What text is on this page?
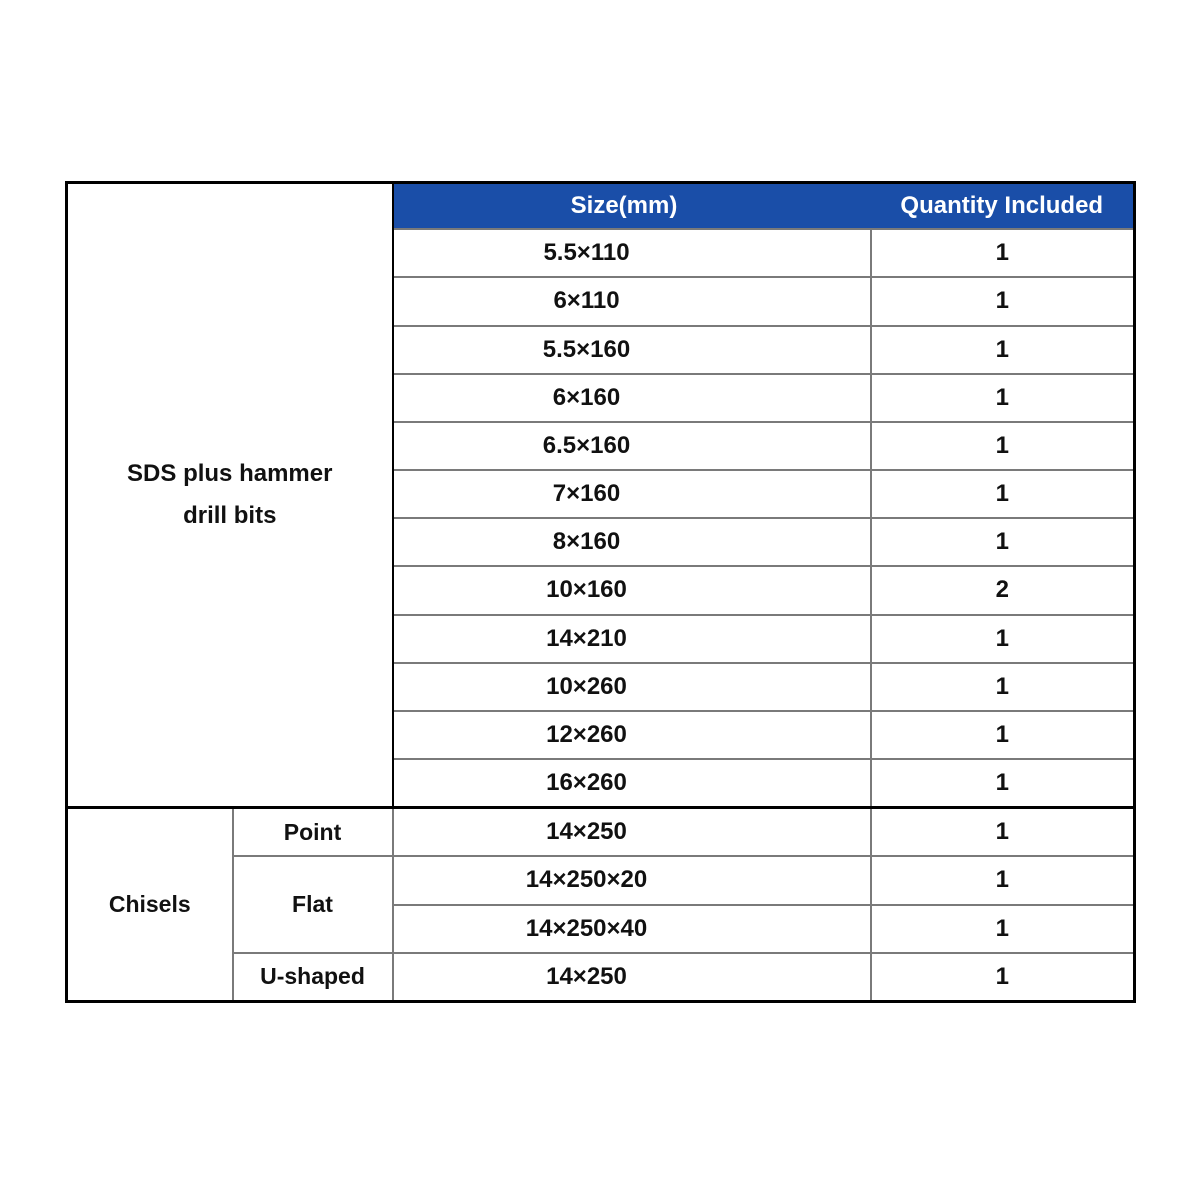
SDS plus hammer
drill bits		Size(mm)	Quantity Included
		5.5×110	1
		6×110	1
		5.5×160	1
		6×160	1
		6.5×160	1
		7×160	1
		8×160	1
		10×160	2
		14×210	1
		10×260	1
		12×260	1
		16×260	1
Chisels	Point	14×250	1
	Flat	14×250×20	1
		14×250×40	1
	U-shaped	14×250	1
